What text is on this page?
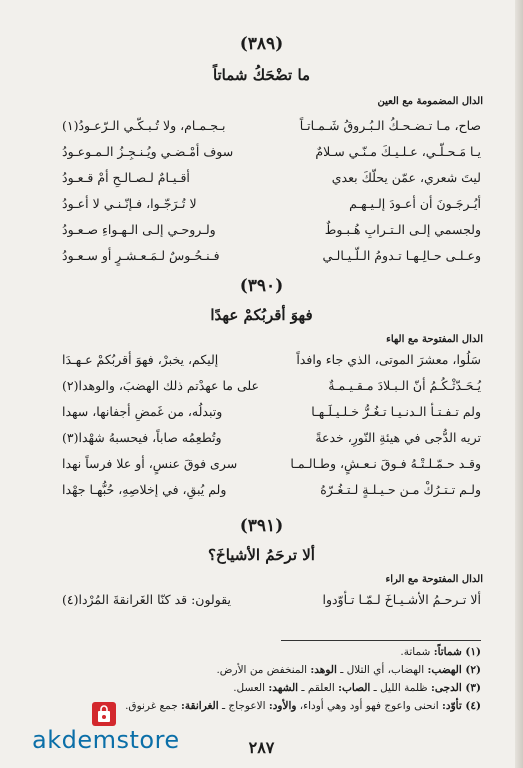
(٣٨٩)
ما تضْحَكُ شماتاً
الدال المضمومة مع العين
صاح، مـا تـضـحـكُ الـبُـروقُ شَـمـاتـاً
بـجـمـام، ولا تُـبـكّـي الـرّعـودُ(١)
يـا مَـحـلّـي، عـلـيـكَ مـنّـي سـلامٌ
سوف أمْـضـي ويُـنـجِـزُ الـمـوعـودُ
ليتَ شعري، عمّن يحلّكَ بعدي
أقـيـامٌ لـصـالـحِ أمْ قـعـودُ
أيُـرجَـونَ أن أعـودَ إلـيـهـم
لا تُـرَجّـوا، فـإنّـنـي لا أعـودُ
ولجسمي إلـى الـتـرابِ هُـبـوطٌ
ولـروحـي إلـى الـهـواءِ صـعـودُ
وعـلـى حـالِـهـا تـدومُ الـلّـيـالـي
فـنـحُـوسٌ لـمَـعـشـرٍ أو سـعـودُ
(٣٩٠)
فهوَ أقربُكمْ عهدًا
الدال المفتوحة مع الهاء
سَلُوا، معشرَ الموتى، الذي جاء وافداً
إليكم، يخبرْ، فهوَ أقربُكمْ عـهـدَا
يُـحَـدّثْـكُـمُ أنّ الـبـلادَ مـقـيـمـةٌ
على ما عهدْتم ذلك الهضبَ، والوهدا(٢)
ولم تـفـتـأ الـدنـيـا تـغُـرُّ خـلـيـلَـهـا
وتبدلُه، من غَمضِ أجفانها، سهدا
تريه الدُّجى في هيئةِ النّورِ، خدعةً
وتُطعِمُه صاباً، فيحسبهُ شهْدا(٣)
وقـد حـمّـلـتْـهُ فـوقَ نـعـشٍ، وطـالـمـا
سرى فوقَ عنسٍ، أو علا فرساً نهدا
ولـم تـتـرُكْ مـن حـيـلـةٍ لـتـغُـرّهُ
ولم يُبقِ، في إخلاصِهِ، حُبُّهـا جهْدا
(٣٩١)
ألا ترحَمُ الأشياخَ؟
الدال المفتوحة مع الراء
ألا تـرحـمُ الأشـيـاخَ لـمّـا تـأوّدوا
يقولون: قد كنّا الغَرانقةَ المُرْدا(٤)
(١) شماتاً: شماتة.
(٢) الهضب: الهضاب، أي التلال ـ الوهد: المنخفض من الأرض.
(٣) الدجى: ظلمة الليل ـ الصاب: العلقم ـ الشهد: العسل.
(٤) تأوّد: انحنى واعوج فهو أود وهي أوداء، والأود: الاعوجاج ـ الغرانقة: جمع غرنوق.
akdemstore	٢٨٧
